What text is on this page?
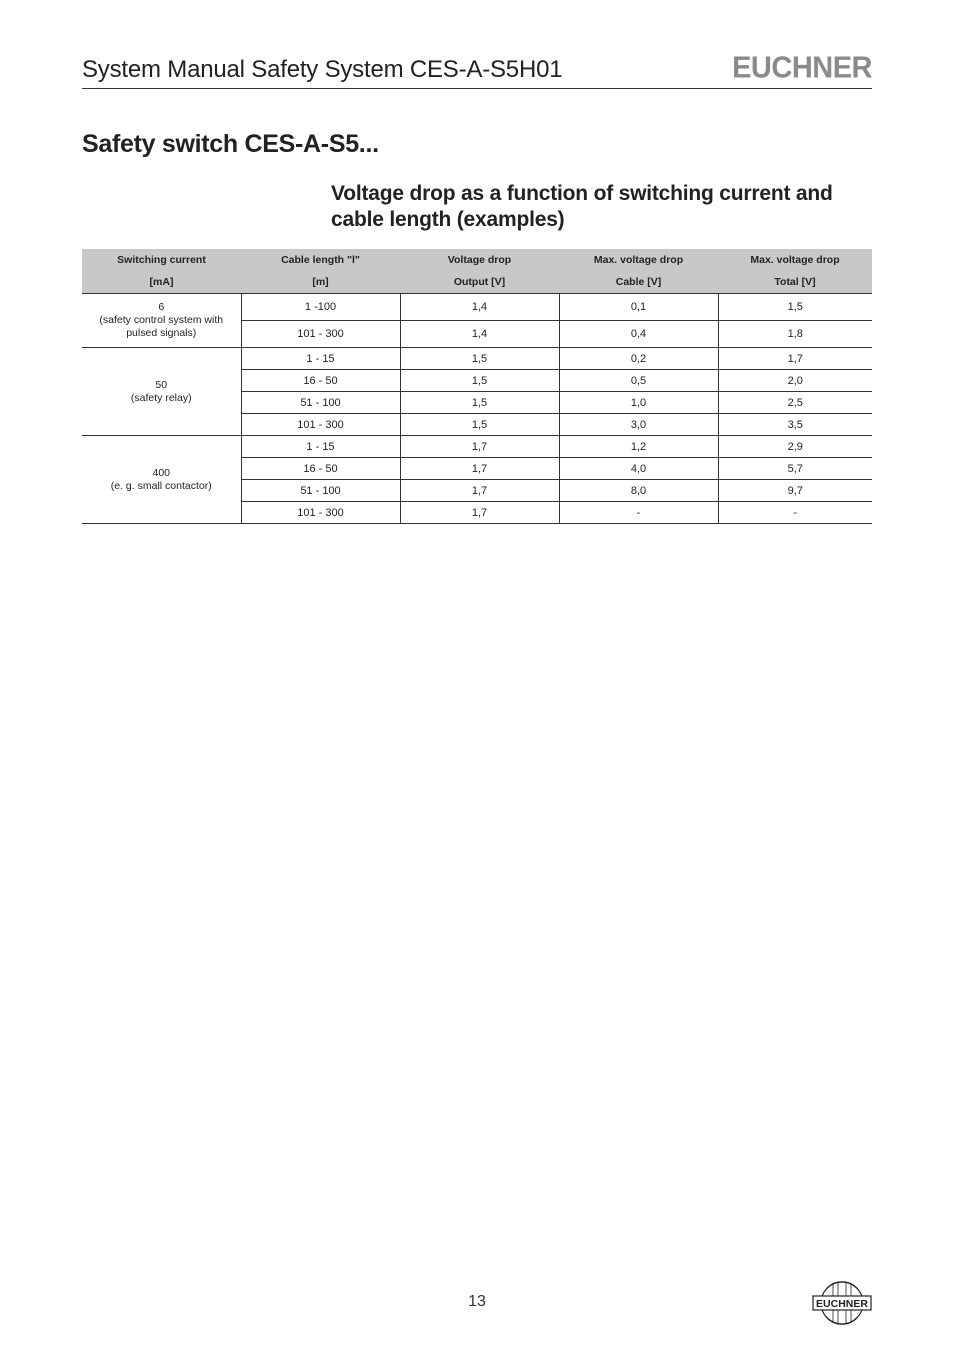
System Manual Safety System CES-A-S5H01	EUCHNER
Safety switch CES-A-S5...
Voltage drop as a function of switching current and cable length (examples)
Switching current	Cable length "l"	Voltage drop	Max. voltage drop	Max. voltage drop
[mA]	[m]	Output [V]	Cable [V]	Total [V]

6
(safety control system with pulsed signals)	1 -100	1,4	0,1	1,5
	101 - 300	1,4	0,4	1,8

50
(safety relay)	1 - 15	1,5	0,2	1,7
	16 - 50	1,5	0,5	2,0
	51 - 100	1,5	1,0	2,5
	101 - 300	1,5	3,0	3,5

400
(e. g. small contactor)	1 - 15	1,7	1,2	2,9
	16 - 50	1,7	4,0	5,7
	51 - 100	1,7	8,0	9,7
	101 - 300	1,7	-	-
13	EUCHNER
